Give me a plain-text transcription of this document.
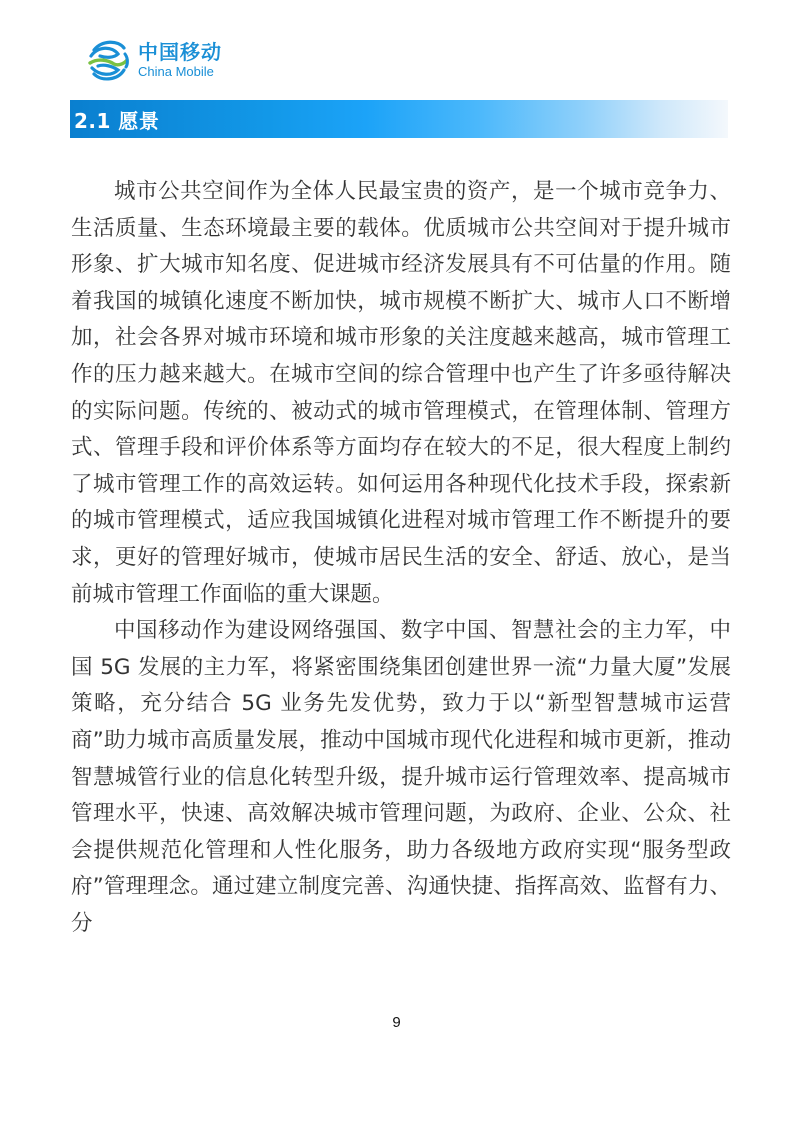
中国移动
China Mobile
2.1 愿景

城市公共空间作为全体人民最宝贵的资产，是一个城市竞争力、生活质量、生态环境最主要的载体。优质城市公共空间对于提升城市形象、扩大城市知名度、促进城市经济发展具有不可估量的作用。随着我国的城镇化速度不断加快，城市规模不断扩大、城市人口不断增加，社会各界对城市环境和城市形象的关注度越来越高，城市管理工作的压力越来越大。在城市空间的综合管理中也产生了许多亟待解决的实际问题。传统的、被动式的城市管理模式，在管理体制、管理方式、管理手段和评价体系等方面均存在较大的不足，很大程度上制约了城市管理工作的高效运转。如何运用各种现代化技术手段，探索新的城市管理模式，适应我国城镇化进程对城市管理工作不断提升的要求，更好的管理好城市，使城市居民生活的安全、舒适、放心，是当前城市管理工作面临的重大课题。

中国移动作为建设网络强国、数字中国、智慧社会的主力军，中国 5G 发展的主力军，将紧密围绕集团创建世界一流“力量大厦”发展策略，充分结合 5G 业务先发优势，致力于以“新型智慧城市运营商”助力城市高质量发展，推动中国城市现代化进程和城市更新，推动智慧城管行业的信息化转型升级，提升城市运行管理效率、提高城市管理水平，快速、高效解决城市管理问题，为政府、企业、公众、社会提供规范化管理和人性化服务，助力各级地方政府实现“服务型政府”管理理念。通过建立制度完善、沟通快捷、指挥高效、监督有力、分

9
